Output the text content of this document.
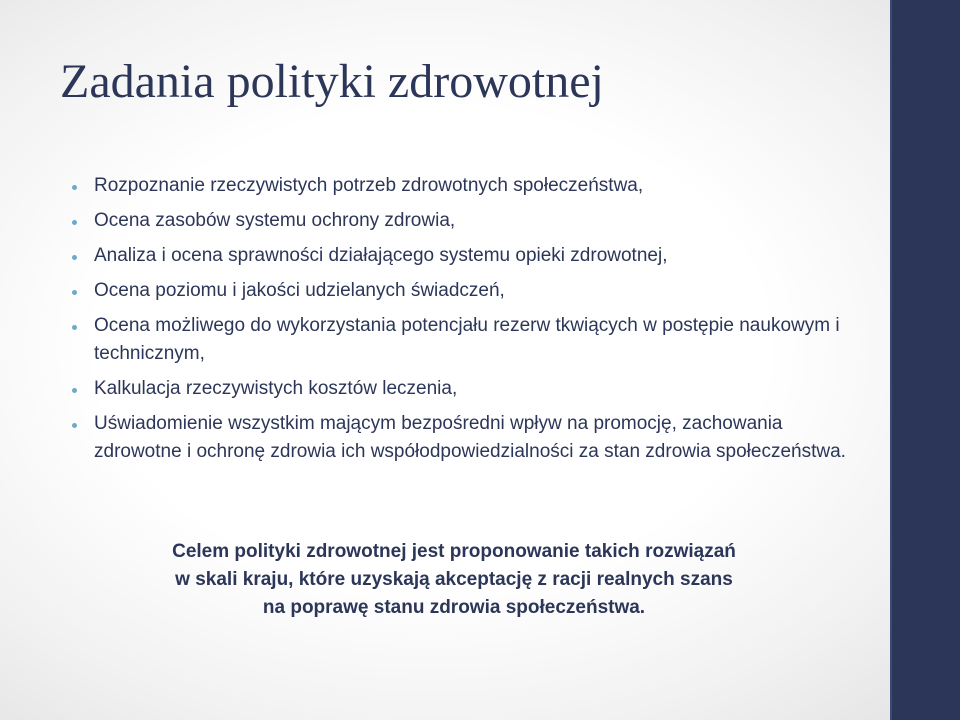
Zadania polityki zdrowotnej
Rozpoznanie rzeczywistych potrzeb zdrowotnych społeczeństwa,
Ocena zasobów systemu ochrony zdrowia,
Analiza i ocena sprawności działającego systemu opieki zdrowotnej,
Ocena poziomu i jakości udzielanych świadczeń,
Ocena możliwego do wykorzystania potencjału rezerw tkwiących w postępie naukowym i technicznym,
Kalkulacja rzeczywistych kosztów leczenia,
Uświadomienie wszystkim mającym bezpośredni wpływ na promocję, zachowania zdrowotne i ochronę zdrowia ich współodpowiedzialności za stan zdrowia społeczeństwa.
Celem polityki zdrowotnej jest proponowanie takich rozwiązań
w skali kraju, które uzyskają akceptację z racji realnych szans
na poprawę stanu zdrowia społeczeństwa.
